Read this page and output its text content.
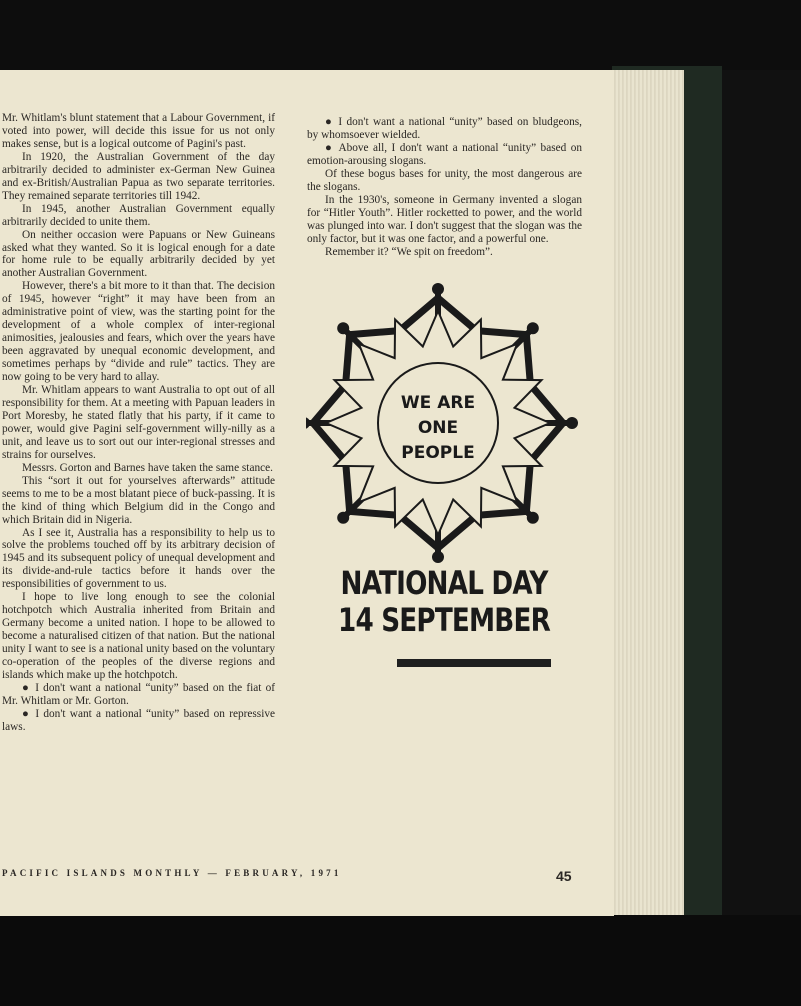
Mr. Whitlam's blunt statement that a Labour Government, if voted into power, will decide this issue for us not only makes sense, but is a logical outcome of Pagini's past.

In 1920, the Australian Government of the day arbitrarily decided to administer ex-German New Guinea and ex-British/Australian Papua as two separate territories. They remained separate territories till 1942.

In 1945, another Australian Government equally arbitrarily decided to unite them.

On neither occasion were Papuans or New Guineans asked what they wanted. So it is logical enough for a date for home rule to be equally arbitrarily decided by yet another Australian Government.

However, there's a bit more to it than that. The decision of 1945, however “right” it may have been from an administrative point of view, was the starting point for the development of a whole complex of inter-regional animosities, jealousies and fears, which over the years have been aggravated by unequal economic development, and sometimes perhaps by “divide and rule” tactics. They are now going to be very hard to allay.

Mr. Whitlam appears to want Australia to opt out of all responsibility for them. At a meeting with Papuan leaders in Port Moresby, he stated flatly that his party, if it came to power, would give Pagini self-government willy-nilly as a unit, and leave us to sort out our inter-regional stresses and strains for ourselves.

Messrs. Gorton and Barnes have taken the same stance.

This “sort it out for yourselves afterwards” attitude seems to me to be a most blatant piece of buck-passing. It is the kind of thing which Belgium did in the Congo and which Britain did in Nigeria.

As I see it, Australia has a responsibility to help us to solve the problems touched off by its arbitrary decision of 1945 and its subsequent policy of unequal development and its divide-and-rule tactics before it hands over the responsibilities of government to us.

I hope to live long enough to see the colonial hotchpotch which Australia inherited from Britain and Germany become a united nation. I hope to be allowed to become a naturalised citizen of that nation. But the national unity I want to see is a national unity based on the voluntary co-operation of the peoples of the diverse regions and islands which make up the hotchpotch.

● I don't want a national “unity” based on the fiat of Mr. Whitlam or Mr. Gorton.

● I don't want a national “unity” based on repressive laws.

● I don't want a national “unity” based on bludgeons, by whomsoever wielded.

● Above all, I don't want a national “unity” based on emotion-arousing slogans.

Of these bogus bases for unity, the most dangerous are the slogans.

In the 1930's, someone in Germany invented a slogan for “Hitler Youth”. Hitler rocketted to power, and the world was plunged into war. I don't suggest that the slogan was the only factor, but it was one factor, and a powerful one.

Remember it? “We spit on freedom”.

WE ARE
ONE
PEOPLE
NATIONAL DAY
14 SEPTEMBER
PACIFIC ISLANDS MONTHLY — FEBRUARY, 1971	45
